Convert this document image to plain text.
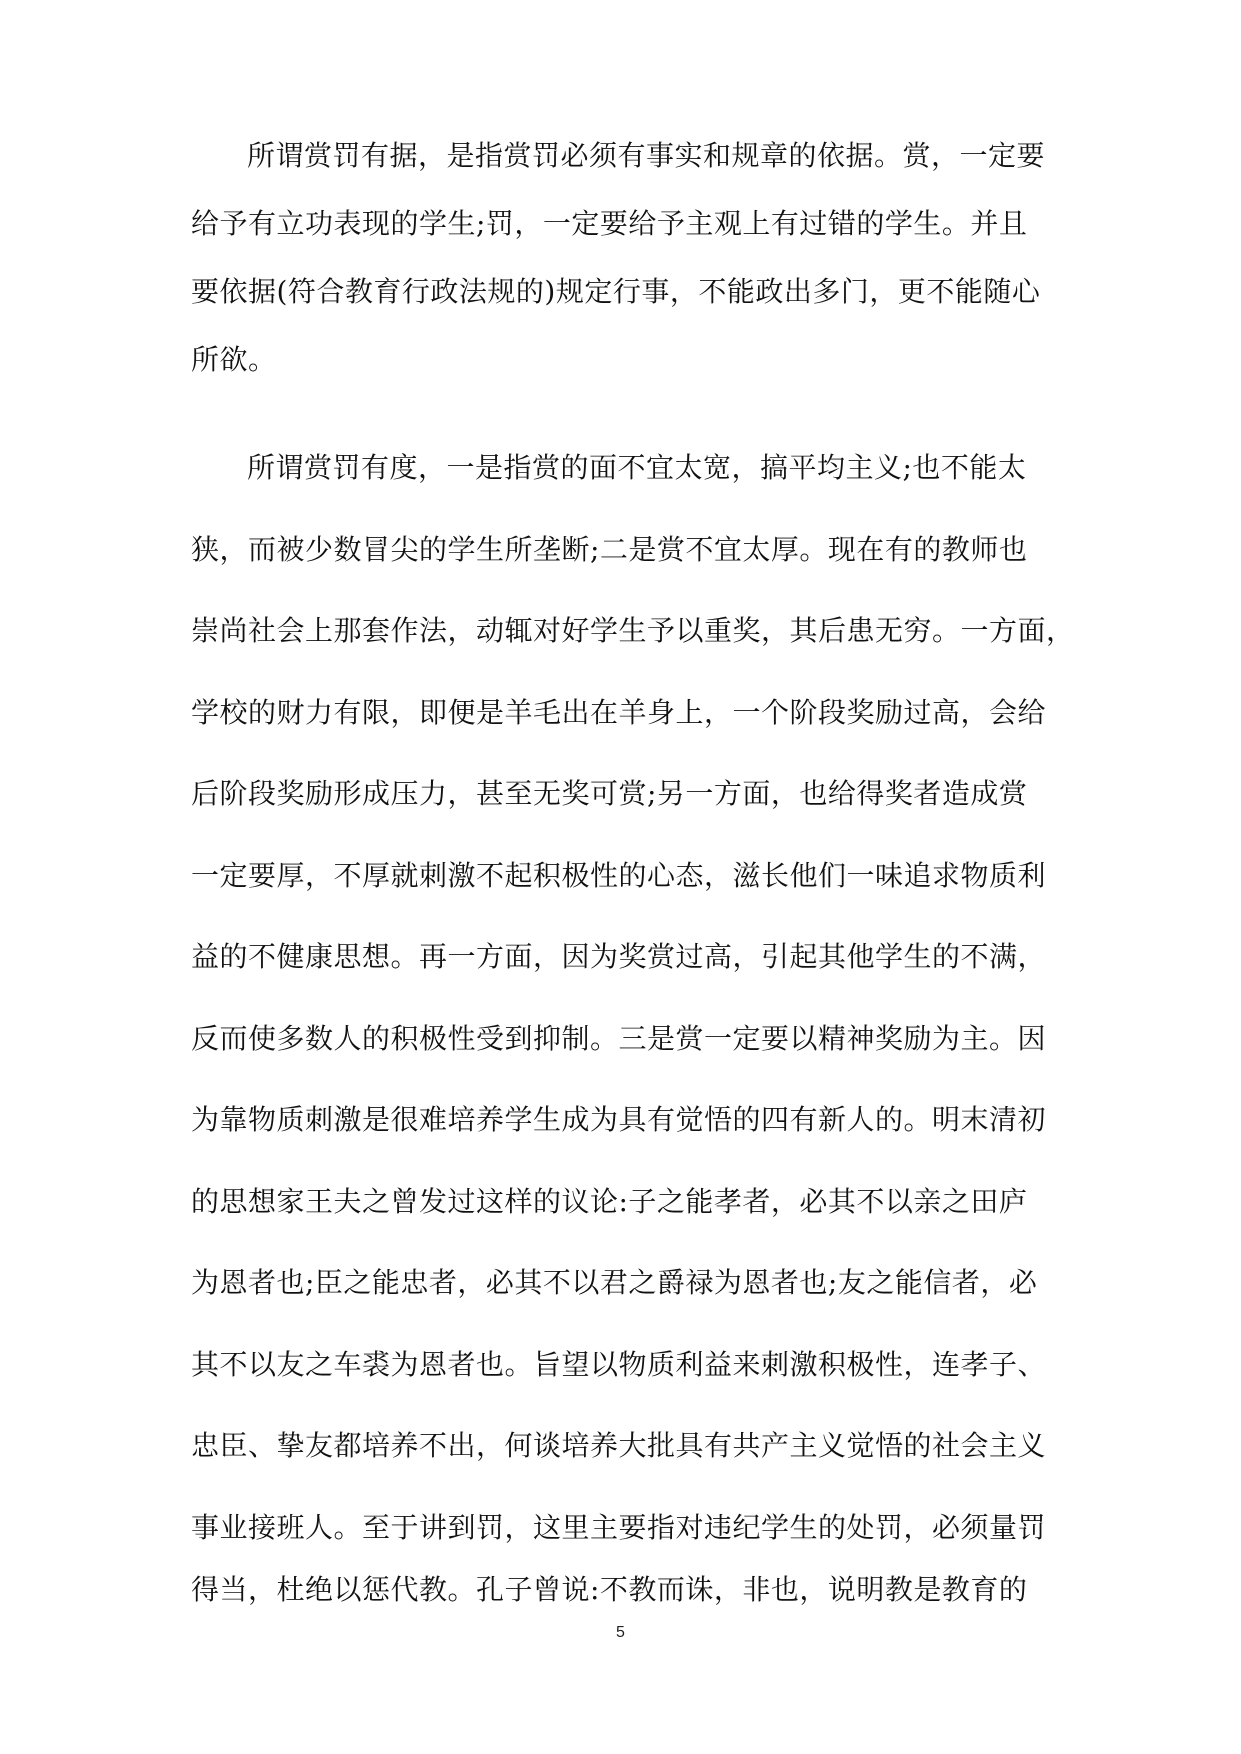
所谓赏罚有据，是指赏罚必须有事实和规章的依据。赏，一定要
给予有立功表现的学生;罚，一定要给予主观上有过错的学生。并且
要依据(符合教育行政法规的)规定行事，不能政出多门，更不能随心
所欲。
所谓赏罚有度，一是指赏的面不宜太宽，搞平均主义;也不能太
狭，而被少数冒尖的学生所垄断;二是赏不宜太厚。现在有的教师也
崇尚社会上那套作法，动辄对好学生予以重奖，其后患无穷。一方面，
学校的财力有限，即便是羊毛出在羊身上，一个阶段奖励过高，会给
后阶段奖励形成压力，甚至无奖可赏;另一方面，也给得奖者造成赏
一定要厚，不厚就刺激不起积极性的心态，滋长他们一味追求物质利
益的不健康思想。再一方面，因为奖赏过高，引起其他学生的不满，
反而使多数人的积极性受到抑制。三是赏一定要以精神奖励为主。因
为靠物质刺激是很难培养学生成为具有觉悟的四有新人的。明末清初
的思想家王夫之曾发过这样的议论:子之能孝者，必其不以亲之田庐
为恩者也;臣之能忠者，必其不以君之爵禄为恩者也;友之能信者，必
其不以友之车裘为恩者也。旨望以物质利益来刺激积极性，连孝子、
忠臣、挚友都培养不出，何谈培养大批具有共产主义觉悟的社会主义
事业接班人。至于讲到罚，这里主要指对违纪学生的处罚，必须量罚
得当，杜绝以惩代教。孔子曾说:不教而诛，非也，说明教是教育的
5
